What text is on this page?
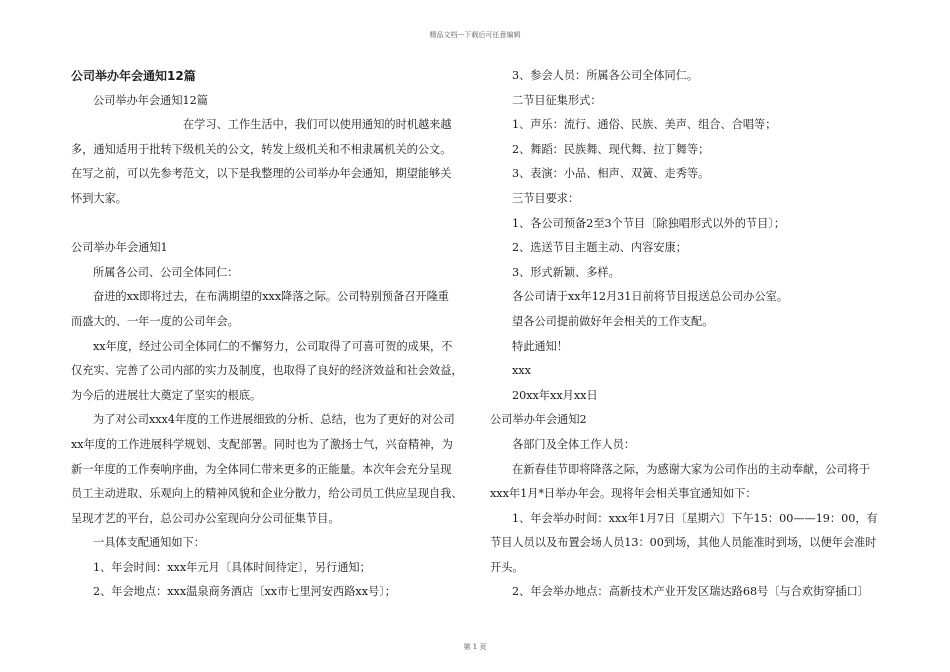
精品文档---下载后可任意编辑

公司举办年会通知12篇

公司举办年会通知12篇

在学习、工作生活中，我们可以使用通知的时机越来越

多，通知适用于批转下级机关的公文，转发上级机关和不相隶属机关的公文。

在写之前，可以先参考范文，以下是我整理的公司举办年会通知，期望能够关

怀到大家。

公司举办年会通知1

所属各公司、公司全体同仁：

奋进的xx即将过去，在布满期望的xxx降落之际。公司特别预备召开隆重

而盛大的、一年一度的公司年会。

xx年度，经过公司全体同仁的不懈努力，公司取得了可喜可贺的成果，不

仅充实、完善了公司内部的实力及制度，也取得了良好的经济效益和社会效益，

为今后的进展壮大奠定了坚实的根底。

为了对公司xxx4年度的工作进展细致的分析、总结，也为了更好的对公司

xx年度的工作进展科学规划、支配部署。同时也为了激扬士气，兴奋精神，为

新一年度的工作奏响序曲，为全体同仁带来更多的正能量。本次年会充分呈现

员工主动进取、乐观向上的精神风貌和企业分散力，给公司员工供应呈现自我、

呈现才艺的平台，总公司办公室现向分公司征集节目。

一具体支配通知如下：

1、年会时间：xxx年元月〔具体时间待定〕，另行通知；

2、年会地点：xxx温泉商务酒店〔xx市七里河安西路xx号〕；

3、参会人员：所属各公司全体同仁。

二节目征集形式：

1、声乐：流行、通俗、民族、美声、组合、合唱等；

2、舞蹈：民族舞、现代舞、拉丁舞等；

3、表演：小品、相声、双簧、走秀等。

三节目要求：

1、各公司预备2至3个节目〔除独唱形式以外的节目〕；

2、选送节目主题主动、内容安康；

3、形式新颖、多样。

各公司请于xx年12月31日前将节目报送总公司办公室。

望各公司提前做好年会相关的工作支配。

特此通知！

xxx

20xx年xx月xx日

公司举办年会通知2

各部门及全体工作人员：

在新春佳节即将降落之际，为感谢大家为公司作出的主动奉献，公司将于

xxx年1月*日举办年会。现将年会相关事宜通知如下：

1、年会举办时间：xxx年1月7日〔星期六〕下午15：00——19：00，有

节目人员以及布置会场人员13：00到场，其他人员能准时到场，以便年会准时

开头。

2、年会举办地点：高新技术产业开发区瑞达路68号〔与合欢街穿插口〕

第 1 页
